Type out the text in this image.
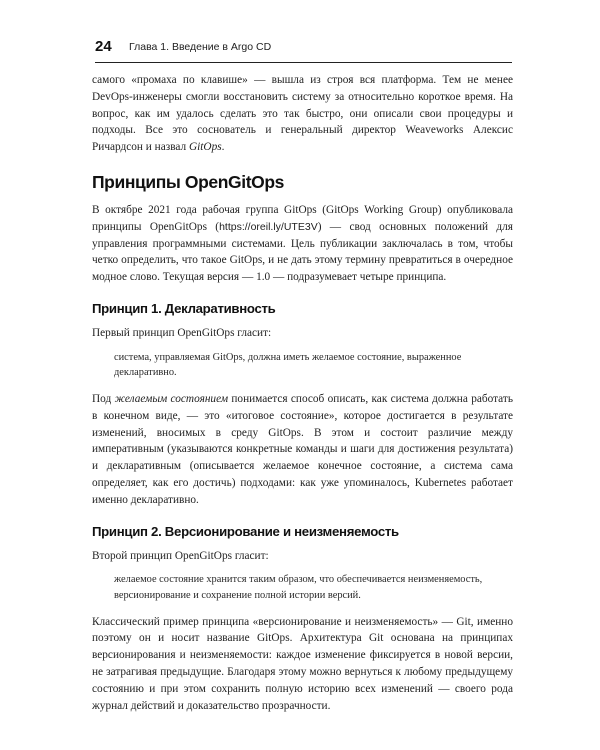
24 Глава 1. Введение в Argo CD

самого «промаха по клавише» — вышла из строя вся платформа. Тем не менее DevOps-инженеры смогли восстановить систему за относительно короткое время. На вопрос, как им удалось сделать это так быстро, они описали свои процедуры и подходы. Все это сосновaтель и генеральный директор Weaveworks Алексис Ричардсон и назвал GitOps.

Принципы OpenGitOps

В октябре 2021 года рабочая группа GitOps (GitOps Working Group) опубликовала принципы OpenGitOps (https://oreil.ly/UTE3V) — свод основных положений для управления программными системами. Цель публикации заключалась в том, чтобы четко определить, что такое GitOps, и не дать этому термину превратиться в очередное модное слово. Текущая версия — 1.0 — подразумевает четыре принципа.

Принцип 1. Декларативность

Первый принцип OpenGitOps гласит:

система, управляемая GitOps, должна иметь желаемое состояние, выраженное декларативно.

Под желаемым состоянием понимается способ описать, как система должна работать в конечном виде, — это «итоговое состояние», которое достигается в результате изменений, вносимых в среду GitOps. В этом и состоит различие между императивным (указываются конкретные команды и шаги для достижения результата) и декларативным (описывается желаемое конечное состояние, а система сама определяет, как его достичь) подходами: как уже упоминалось, Kubernetes работает именно декларативно.

Принцип 2. Версионирование и неизменяемость

Второй принцип OpenGitOps гласит:

желаемое состояние хранится таким образом, что обеспечивается неизменяемость, версионирование и сохранение полной истории версий.

Классический пример принципа «версионирование и неизменяемость» — Git, именно поэтому он и носит название GitOps. Архитектура Git основана на принципах версионирования и неизменяемости: каждое изменение фиксируется в новой версии, не затрагивая предыдущие. Благодаря этому можно вернуться к любому предыдущему состоянию и при этом сохранить полную историю всех изменений — своего рода журнал действий и доказательство прозрачности.
